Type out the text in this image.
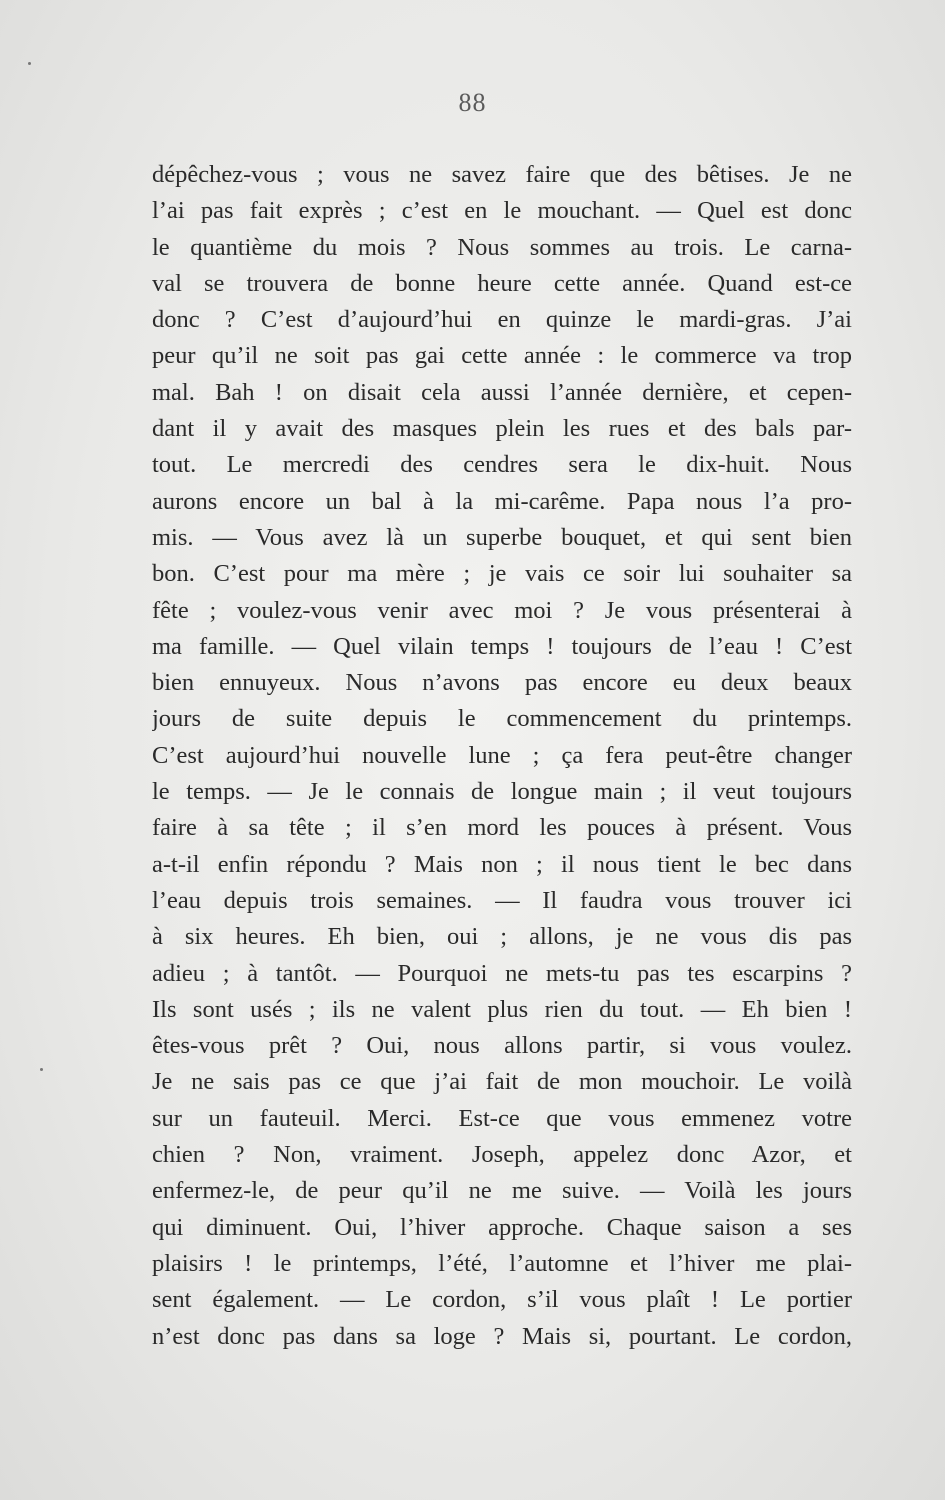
88
dépêchez-vous ; vous ne savez faire que des bêtises. Je ne
l’ai pas fait exprès ; c’est en le mouchant. — Quel est donc
le quantième du mois ? Nous sommes au trois. Le carna-
val se trouvera de bonne heure cette année. Quand est-ce
donc ? C’est d’aujourd’hui en quinze le mardi-gras. J’ai
peur qu’il ne soit pas gai cette année : le commerce va trop
mal. Bah ! on disait cela aussi l’année dernière, et cepen-
dant il y avait des masques plein les rues et des bals par-
tout. Le mercredi des cendres sera le dix-huit. Nous
aurons encore un bal à la mi-carême. Papa nous l’a pro-
mis. — Vous avez là un superbe bouquet, et qui sent bien
bon. C’est pour ma mère ; je vais ce soir lui souhaiter sa
fête ; voulez-vous venir avec moi ? Je vous présenterai à
ma famille. — Quel vilain temps ! toujours de l’eau ! C’est
bien ennuyeux. Nous n’avons pas encore eu deux beaux
jours de suite depuis le commencement du printemps.
C’est aujourd’hui nouvelle lune ; ça fera peut-être changer
le temps. — Je le connais de longue main ; il veut toujours
faire à sa tête ; il s’en mord les pouces à présent. Vous
a-t-il enfin répondu ? Mais non ; il nous tient le bec dans
l’eau depuis trois semaines. — Il faudra vous trouver ici
à six heures. Eh bien, oui ; allons, je ne vous dis pas
adieu ; à tantôt. — Pourquoi ne mets-tu pas tes escarpins ?
Ils sont usés ; ils ne valent plus rien du tout. — Eh bien !
êtes-vous prêt ? Oui, nous allons partir, si vous voulez.
Je ne sais pas ce que j’ai fait de mon mouchoir. Le voilà
sur un fauteuil. Merci. Est-ce que vous emmenez votre
chien ? Non, vraiment. Joseph, appelez donc Azor, et
enfermez-le, de peur qu’il ne me suive. — Voilà les jours
qui diminuent. Oui, l’hiver approche. Chaque saison a ses
plaisirs ! le printemps, l’été, l’automne et l’hiver me plai-
sent également. — Le cordon, s’il vous plaît ! Le portier
n’est donc pas dans sa loge ? Mais si, pourtant. Le cordon,
